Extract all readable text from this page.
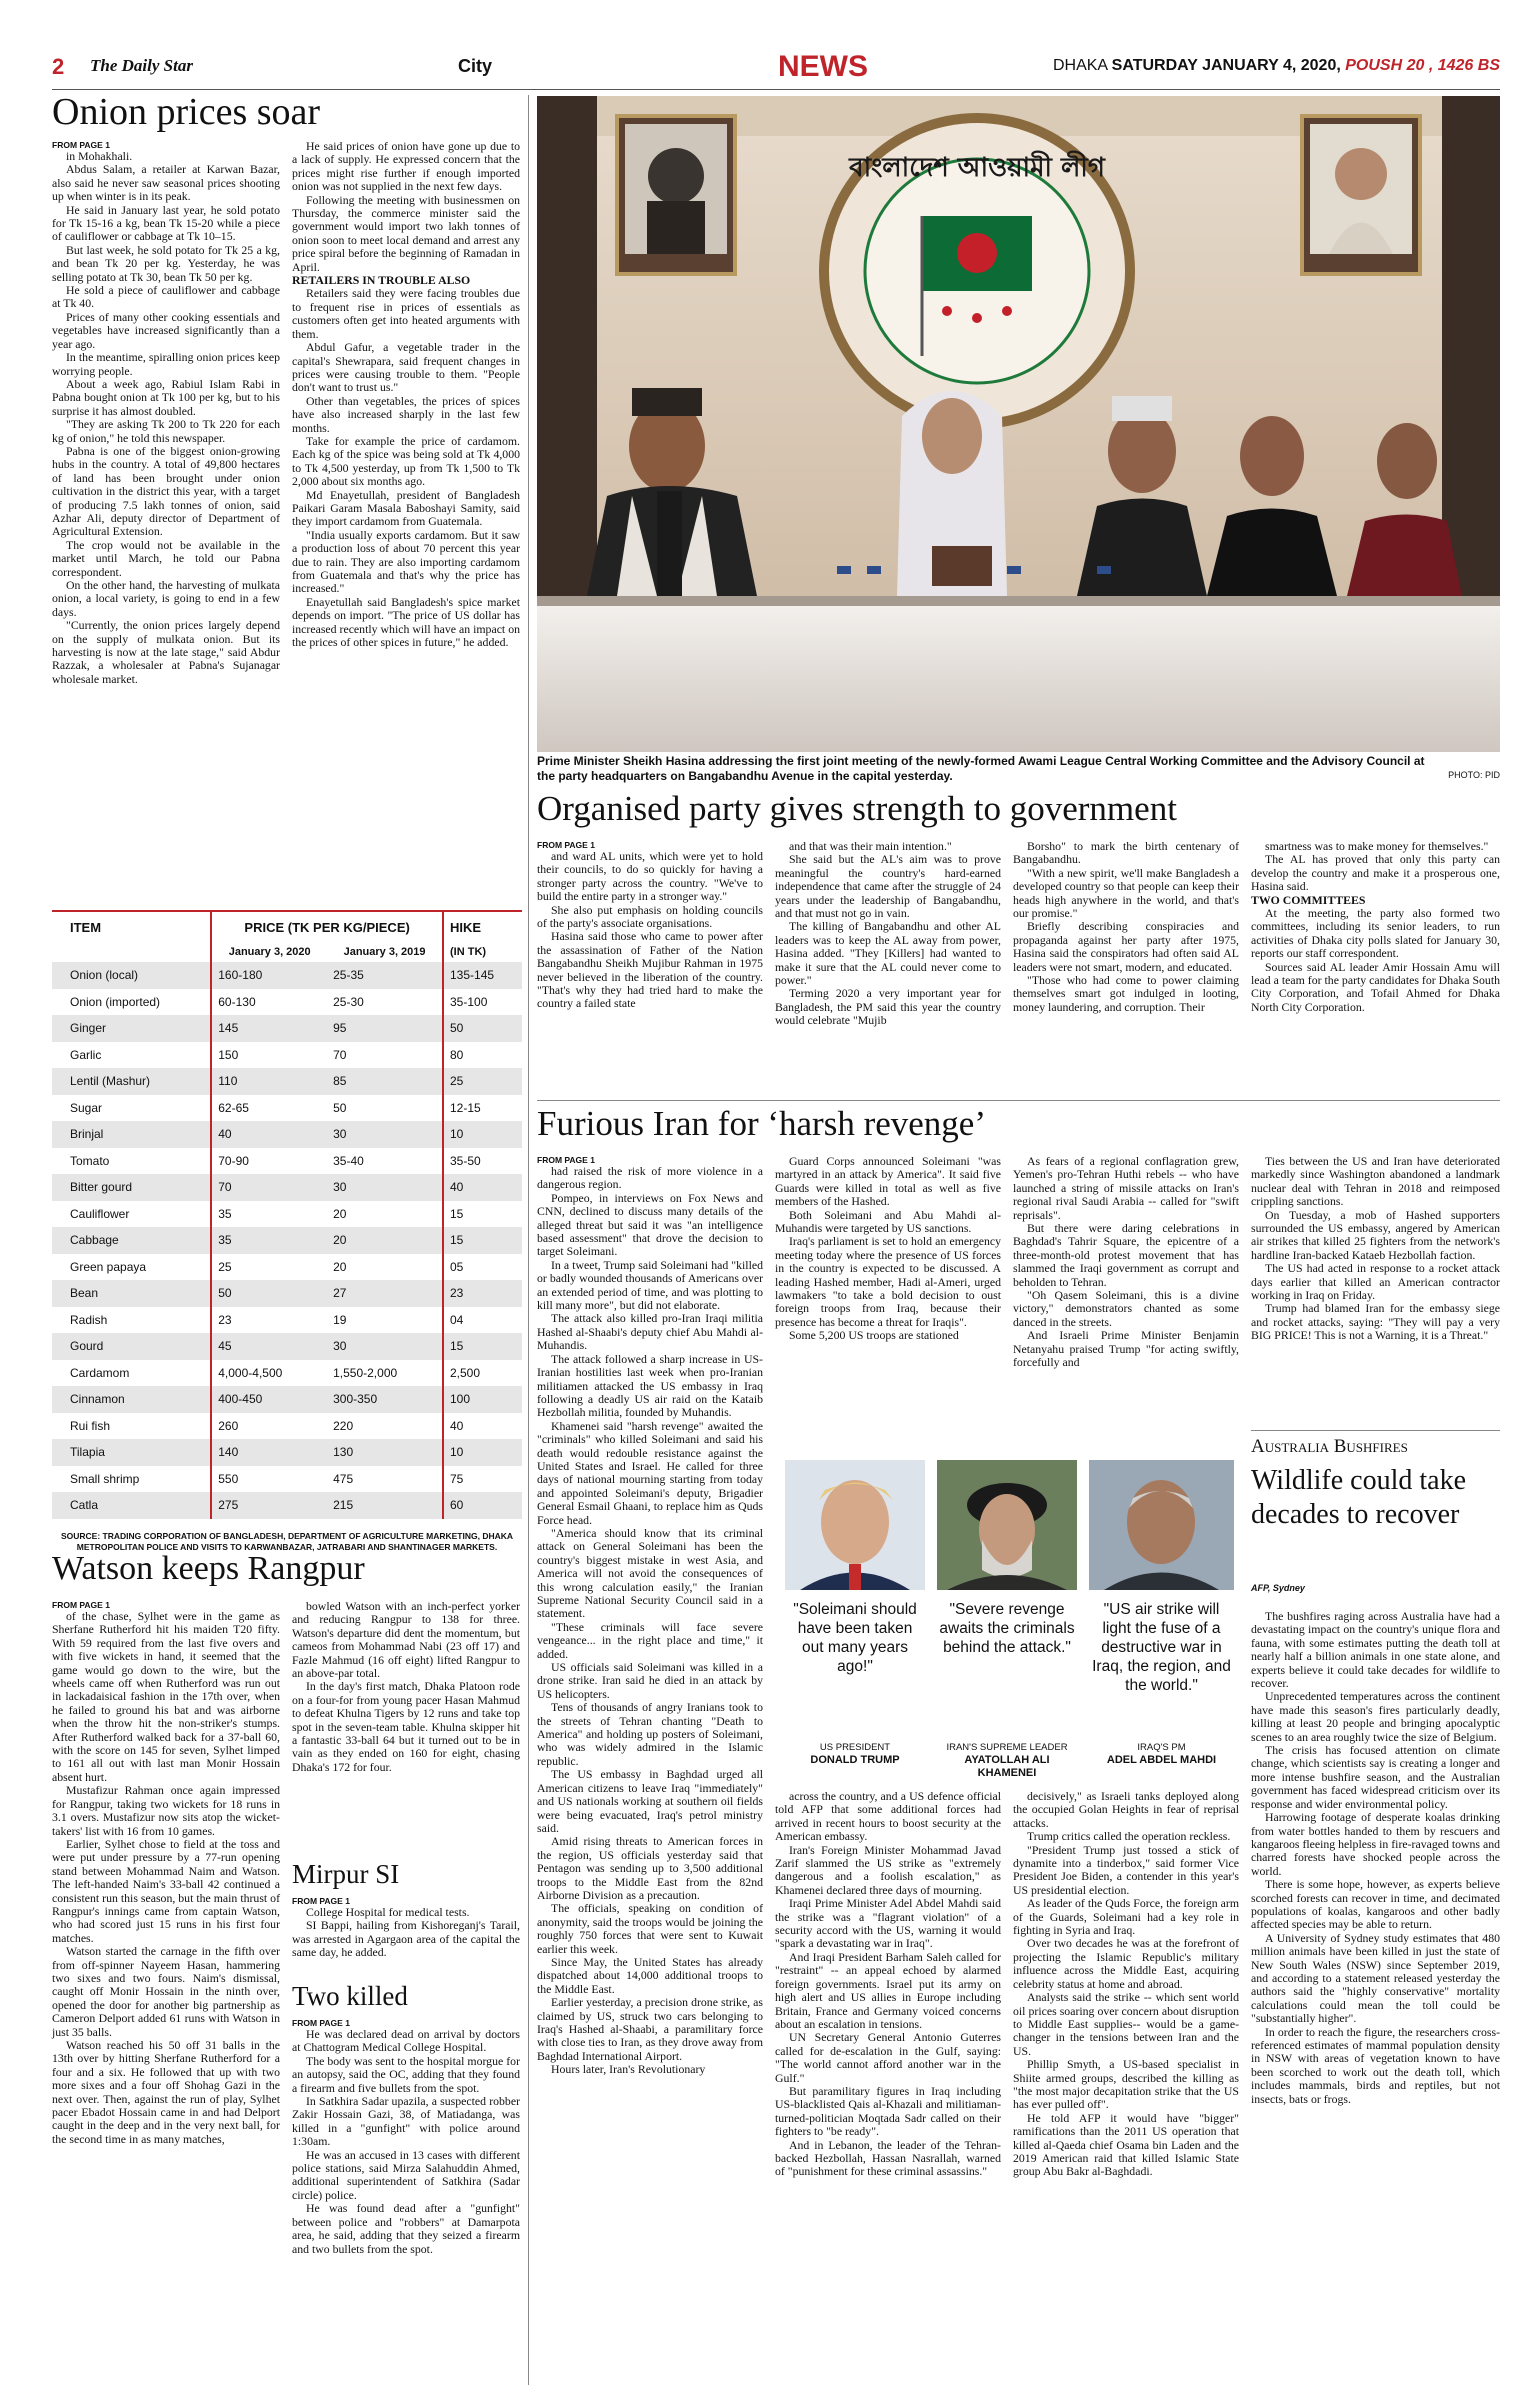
2 The Daily Star	City	NEWS	DHAKA SATURDAY JANUARY 4, 2020, POUSH 20 , 1426 BS
Onion prices soar

FROM PAGE 1

in Mohakhali.

Abdus Salam, a retailer at Karwan Bazar, also said he never saw seasonal prices shooting up when winter is in its peak.

He said in January last year, he sold potato for Tk 15-16 a kg, bean Tk 15-20 while a piece of cauliflower or cabbage at Tk 10–15.

But last week, he sold potato for Tk 25 a kg, and bean Tk 20 per kg. Yesterday, he was selling potato at Tk 30, bean Tk 50 per kg.

He sold a piece of cauliflower and cabbage at Tk 40.

Prices of many other cooking essentials and vegetables have increased significantly than a year ago.

In the meantime, spiralling onion prices keep worrying people.

About a week ago, Rabiul Islam Rabi in Pabna bought onion at Tk 100 per kg, but to his surprise it has almost doubled.

"They are asking Tk 200 to Tk 220 for each kg of onion," he told this newspaper.

Pabna is one of the biggest onion-growing hubs in the country. A total of 49,800 hectares of land has been brought under onion cultivation in the district this year, with a target of producing 7.5 lakh tonnes of onion, said Azhar Ali, deputy director of Department of Agricultural Extension.

The crop would not be available in the market until March, he told our Pabna correspondent.

On the other hand, the harvesting of mulkata onion, a local variety, is going to end in a few days.

"Currently, the onion prices largely depend on the supply of mulkata onion. But its harvesting is now at the late stage," said Abdur Razzak, a wholesaler at Pabna's Sujanagar wholesale market.

He said prices of onion have gone up due to a lack of supply. He expressed concern that the prices might rise further if enough imported onion was not supplied in the next few days.

Following the meeting with businessmen on Thursday, the commerce minister said the government would import two lakh tonnes of onion soon to meet local demand and arrest any price spiral before the beginning of Ramadan in April.

RETAILERS IN TROUBLE ALSO

Retailers said they were facing troubles due to frequent rise in prices of essentials as customers often get into heated arguments with them.

Abdul Gafur, a vegetable trader in the capital's Shewrapara, said frequent changes in prices were causing trouble to them. "People don't want to trust us."

Other than vegetables, the prices of spices have also increased sharply in the last few months.

Take for example the price of cardamom. Each kg of the spice was being sold at Tk 4,000 to Tk 4,500 yesterday, up from Tk 1,500 to Tk 2,000 about six months ago.

Md Enayetullah, president of Bangladesh Paikari Garam Masala Baboshayi Samity, said they import cardamom from Guatemala.

"India usually exports cardamom. But it saw a production loss of about 70 percent this year due to rain. They are also importing cardamom from Guatemala and that's why the price has increased."

Enayetullah said Bangladesh's spice market depends on import. "The price of US dollar has increased recently which will have an impact on the prices of other spices in future," he added.

ITEM	PRICE (TK PER KG/PIECE)		HIKE
	January 3, 2020	January 3, 2019	(IN TK)
Onion (local)	160-180	25-35	135-145
Onion (imported)	60-130	25-30	35-100
Ginger	145	95	50
Garlic	150	70	80
Lentil (Mashur)	110	85	25
Sugar	62-65	50	12-15
Brinjal	40	30	10
Tomato	70-90	35-40	35-50
Bitter gourd	70	30	40
Cauliflower	35	20	15
Cabbage	35	20	15
Green papaya	25	20	05
Bean	50	27	23
Radish	23	19	04
Gourd	45	30	15
Cardamom	4,000-4,500	1,550-2,000	2,500
Cinnamon	400-450	300-350	100
Rui fish	260	220	40
Tilapia	140	130	10
Small shrimp	550	475	75
Catla	275	215	60
SOURCE: TRADING CORPORATION OF BANGLADESH, DEPARTMENT OF AGRICULTURE MARKETING, DHAKA METROPOLITAN POLICE AND VISITS TO KARWANBAZAR, JATRABARI AND SHANTINAGER MARKETS.
Watson keeps Rangpur

FROM PAGE 1

of the chase, Sylhet were in the game as Sherfane Rutherford hit his maiden T20 fifty. With 59 required from the last five overs and with five wickets in hand, it seemed that the game would go down to the wire, but the wheels came off when Rutherford was run out in lackadaisical fashion in the 17th over, when he failed to ground his bat and was airborne when the throw hit the non-striker's stumps. After Rutherford walked back for a 37-ball 60, with the score on 145 for seven, Sylhet limped to 161 all out with last man Monir Hossain absent hurt.

Mustafizur Rahman once again impressed for Rangpur, taking two wickets for 18 runs in 3.1 overs. Mustafizur now sits atop the wicket-takers' list with 16 from 10 games.

Earlier, Sylhet chose to field at the toss and were put under pressure by a 77-run opening stand between Mohammad Naim and Watson. The left-handed Naim's 33-ball 42 continued a consistent run this season, but the main thrust of Rangpur's innings came from captain Watson, who had scored just 15 runs in his first four matches.

Watson started the carnage in the fifth over from off-spinner Nayeem Hasan, hammering two sixes and two fours. Naim's dismissal, caught off Monir Hossain in the ninth over, opened the door for another big partnership as Cameron Delport added 61 runs with Watson in just 35 balls.

Watson reached his 50 off 31 balls in the 13th over by hitting Sherfane Rutherford for a four and a six. He followed that up with two more sixes and a four off Shohag Gazi in the next over. Then, against the run of play, Sylhet pacer Ebadot Hossain came in and had Delport caught in the deep and in the very next ball, for the second time in as many matches,

bowled Watson with an inch-perfect yorker and reducing Rangpur to 138 for three. Watson's departure did dent the momentum, but cameos from Mohammad Nabi (23 off 17) and Fazle Mahmud (16 off eight) lifted Rangpur to an above-par total.

In the day's first match, Dhaka Platoon rode on a four-for from young pacer Hasan Mahmud to defeat Khulna Tigers by 12 runs and take top spot in the seven-team table. Khulna skipper hit a fantastic 33-ball 64 but it turned out to be in vain as they ended on 160 for eight, chasing Dhaka's 172 for four.

Mirpur SI

FROM PAGE 1

College Hospital for medical tests.

SI Bappi, hailing from Kishoreganj's Tarail, was arrested in Agargaon area of the capital the same day, he added.

Two killed

FROM PAGE 1

He was declared dead on arrival by doctors at Chattogram Medical College Hospital.

The body was sent to the hospital morgue for an autopsy, said the OC, adding that they found a firearm and five bullets from the spot.

In Satkhira Sadar upazila, a suspected robber Zakir Hossain Gazi, 38, of Matiadanga, was killed in a "gunfight" with police around 1:30am.

He was an accused in 13 cases with different police stations, said Mirza Salahuddin Ahmed, additional superintendent of Satkhira (Sadar circle) police.

He was found dead after a "gunfight" between police and "robbers" at Damarpota area, he said, adding that they seized a firearm and two bullets from the spot.

বাংলাদেশ আওয়ামী লীগ
Prime Minister Sheikh Hasina addressing the first joint meeting of the newly-formed Awami League Central Working Committee and the Advisory Council at the party headquarters on Bangabandhu Avenue in the capital yesterday.	PHOTO: PID
Organised party gives strength to government

FROM PAGE 1

and ward AL units, which were yet to hold their councils, to do so quickly for having a stronger party across the country. "We've to build the entire party in a stronger way."

She also put emphasis on holding councils of the party's associate organisations.

Hasina said those who came to power after the assassination of Father of the Nation Bangabandhu Sheikh Mujibur Rahman in 1975 never believed in the liberation of the country. "That's why they had tried hard to make the country a failed state

and that was their main intention."

She said but the AL's aim was to prove meaningful the country's hard-earned independence that came after the struggle of 24 years under the leadership of Bangabandhu, and that must not go in vain.

The killing of Bangabandhu and other AL leaders was to keep the AL away from power, Hasina added. "They [Killers] had wanted to make it sure that the AL could never come to power."

Terming 2020 a very important year for Bangladesh, the PM said this year the country would celebrate "Mujib

Borsho" to mark the birth centenary of Bangabandhu.

"With a new spirit, we'll make Bangladesh a developed country so that people can keep their heads high anywhere in the world, and that's our promise."

Briefly describing conspiracies and propaganda against her party after 1975, Hasina said the conspirators had often said AL leaders were not smart, modern, and educated.

"Those who had come to power claiming themselves smart got indulged in looting, money laundering, and corruption. Their

smartness was to make money for themselves."

The AL has proved that only this party can develop the country and make it a prosperous one, Hasina said.

TWO COMMITTEES

At the meeting, the party also formed two committees, including its senior leaders, to run activities of Dhaka city polls slated for January 30, reports our staff correspondent.

Sources said AL leader Amir Hossain Amu will lead a team for the party candidates for Dhaka South City Corporation, and Tofail Ahmed for Dhaka North City Corporation.

Furious Iran for ‘harsh revenge’

FROM PAGE 1

had raised the risk of more violence in a dangerous region.

Pompeo, in interviews on Fox News and CNN, declined to discuss many details of the alleged threat but said it was "an intelligence based assessment" that drove the decision to target Soleimani.

In a tweet, Trump said Soleimani had "killed or badly wounded thousands of Americans over an extended period of time, and was plotting to kill many more", but did not elaborate.

The attack also killed pro-Iran Iraqi militia Hashed al-Shaabi's deputy chief Abu Mahdi al-Muhandis.

The attack followed a sharp increase in US-Iranian hostilities last week when pro-Iranian militiamen attacked the US embassy in Iraq following a deadly US air raid on the Kataib Hezbollah militia, founded by Muhandis.

Khamenei said "harsh revenge" awaited the "criminals" who killed Soleimani and said his death would redouble resistance against the United States and Israel. He called for three days of national mourning starting from today and appointed Soleimani's deputy, Brigadier General Esmail Ghaani, to replace him as Quds Force head.

"America should know that its criminal attack on General Soleimani has been the country's biggest mistake in west Asia, and America will not avoid the consequences of this wrong calculation easily," the Iranian Supreme National Security Council said in a statement.

"These criminals will face severe vengeance... in the right place and time," it added.

US officials said Soleimani was killed in a drone strike. Iran said he died in an attack by US helicopters.

Tens of thousands of angry Iranians took to the streets of Tehran chanting "Death to America" and holding up posters of Soleimani, who was widely admired in the Islamic republic.

The US embassy in Baghdad urged all American citizens to leave Iraq "immediately" and US nationals working at southern oil fields were being evacuated, Iraq's petrol ministry said.

Amid rising threats to American forces in the region, US officials yesterday said that Pentagon was sending up to 3,500 additional troops to the Middle East from the 82nd Airborne Division as a precaution.

The officials, speaking on condition of anonymity, said the troops would be joining the roughly 750 forces that were sent to Kuwait earlier this week.

Since May, the United States has already dispatched about 14,000 additional troops to the Middle East.

Earlier yesterday, a precision drone strike, as claimed by US, struck two cars belonging to Iraq's Hashed al-Shaabi, a paramilitary force with close ties to Iran, as they drove away from Baghdad International Airport.

Hours later, Iran's Revolutionary

Guard Corps announced Soleimani "was martyred in an attack by America". It said five Guards were killed in total as well as five members of the Hashed.

Both Soleimani and Abu Mahdi al-Muhandis were targeted by US sanctions.

Iraq's parliament is set to hold an emergency meeting today where the presence of US forces in the country is expected to be discussed. A leading Hashed member, Hadi al-Ameri, urged lawmakers "to take a bold decision to oust foreign troops from Iraq, because their presence has become a threat for Iraqis".

Some 5,200 US troops are stationed

As fears of a regional conflagration grew, Yemen's pro-Tehran Huthi rebels -- who have launched a string of missile attacks on Iran's regional rival Saudi Arabia -- called for "swift reprisals".

But there were daring celebrations in Baghdad's Tahrir Square, the epicentre of a three-month-old protest movement that has slammed the Iraqi government as corrupt and beholden to Tehran.

"Oh Qasem Soleimani, this is a divine victory," demonstrators chanted as some danced in the streets.

And Israeli Prime Minister Benjamin Netanyahu praised Trump "for acting swiftly, forcefully and

"Soleimani should have been taken out many years ago!"
US PRESIDENT
DONALD TRUMP
"Severe revenge awaits the criminals behind the attack."
IRAN'S SUPREME LEADER
AYATOLLAH ALI KHAMENEI
"US air strike will light the fuse of a destructive war in Iraq, the region, and the world."
IRAQ'S PM
ADEL ABDEL MAHDI

across the country, and a US defence official told AFP that some additional forces had arrived in recent hours to boost security at the American embassy.

Iran's Foreign Minister Mohammad Javad Zarif slammed the US strike as "extremely dangerous and a foolish escalation," as Khamenei declared three days of mourning.

Iraqi Prime Minister Adel Abdel Mahdi said the strike was a "flagrant violation" of a security accord with the US, warning it would "spark a devastating war in Iraq".

And Iraqi President Barham Saleh called for "restraint" -- an appeal echoed by alarmed foreign governments. Israel put its army on high alert and US allies in Europe including Britain, France and Germany voiced concerns about an escalation in tensions.

UN Secretary General Antonio Guterres called for de-escalation in the Gulf, saying: "The world cannot afford another war in the Gulf."

But paramilitary figures in Iraq including US-blacklisted Qais al-Khazali and militiaman-turned-politician Moqtada Sadr called on their fighters to "be ready".

And in Lebanon, the leader of the Tehran-backed Hezbollah, Hassan Nasrallah, warned of "punishment for these criminal assassins."

decisively," as Israeli tanks deployed along the occupied Golan Heights in fear of reprisal attacks.

Trump critics called the operation reckless.

"President Trump just tossed a stick of dynamite into a tinderbox," said former Vice President Joe Biden, a contender in this year's US presidential election.

As leader of the Quds Force, the foreign arm of the Guards, Soleimani had a key role in fighting in Syria and Iraq.

Over two decades he was at the forefront of projecting the Islamic Republic's military influence across the Middle East, acquiring celebrity status at home and abroad.

Analysts said the strike -- which sent world oil prices soaring over concern about disruption to Middle East supplies-- would be a game-changer in the tensions between Iran and the US.

Phillip Smyth, a US-based specialist in Shiite armed groups, described the killing as "the most major decapitation strike that the US has ever pulled off".

He told AFP it would have "bigger" ramifications than the 2011 US operation that killed al-Qaeda chief Osama bin Laden and the 2019 American raid that killed Islamic State group Abu Bakr al-Baghdadi.

Ties between the US and Iran have deteriorated markedly since Washington abandoned a landmark nuclear deal with Tehran in 2018 and reimposed crippling sanctions.

On Tuesday, a mob of Hashed supporters surrounded the US embassy, angered by American air strikes that killed 25 fighters from the network's hardline Iran-backed Kataeb Hezbollah faction.

The US had acted in response to a rocket attack days earlier that killed an American contractor working in Iraq on Friday.

Trump had blamed Iran for the embassy siege and rocket attacks, saying: "They will pay a very BIG PRICE! This is not a Warning, it is a Threat."

Australia Bushfires
Wildlife could take decades to recover
AFP, Sydney

The bushfires raging across Australia have had a devastating impact on the country's unique flora and fauna, with some estimates putting the death toll at nearly half a billion animals in one state alone, and experts believe it could take decades for wildlife to recover.

Unprecedented temperatures across the continent have made this season's fires particularly deadly, killing at least 20 people and bringing apocalyptic scenes to an area roughly twice the size of Belgium.

The crisis has focused attention on climate change, which scientists say is creating a longer and more intense bushfire season, and the Australian government has faced widespread criticism over its response and wider environmental policy.

Harrowing footage of desperate koalas drinking from water bottles handed to them by rescuers and kangaroos fleeing helpless in fire-ravaged towns and charred forests have shocked people across the world.

There is some hope, however, as experts believe scorched forests can recover in time, and decimated populations of koalas, kangaroos and other badly affected species may be able to return.

A University of Sydney study estimates that 480 million animals have been killed in just the state of New South Wales (NSW) since September 2019, and according to a statement released yesterday the authors said the "highly conservative" mortality calculations could mean the toll could be "substantially higher".

In order to reach the figure, the researchers cross-referenced estimates of mammal population density in NSW with areas of vegetation known to have been scorched to work out the death toll, which includes mammals, birds and reptiles, but not insects, bats or frogs.
